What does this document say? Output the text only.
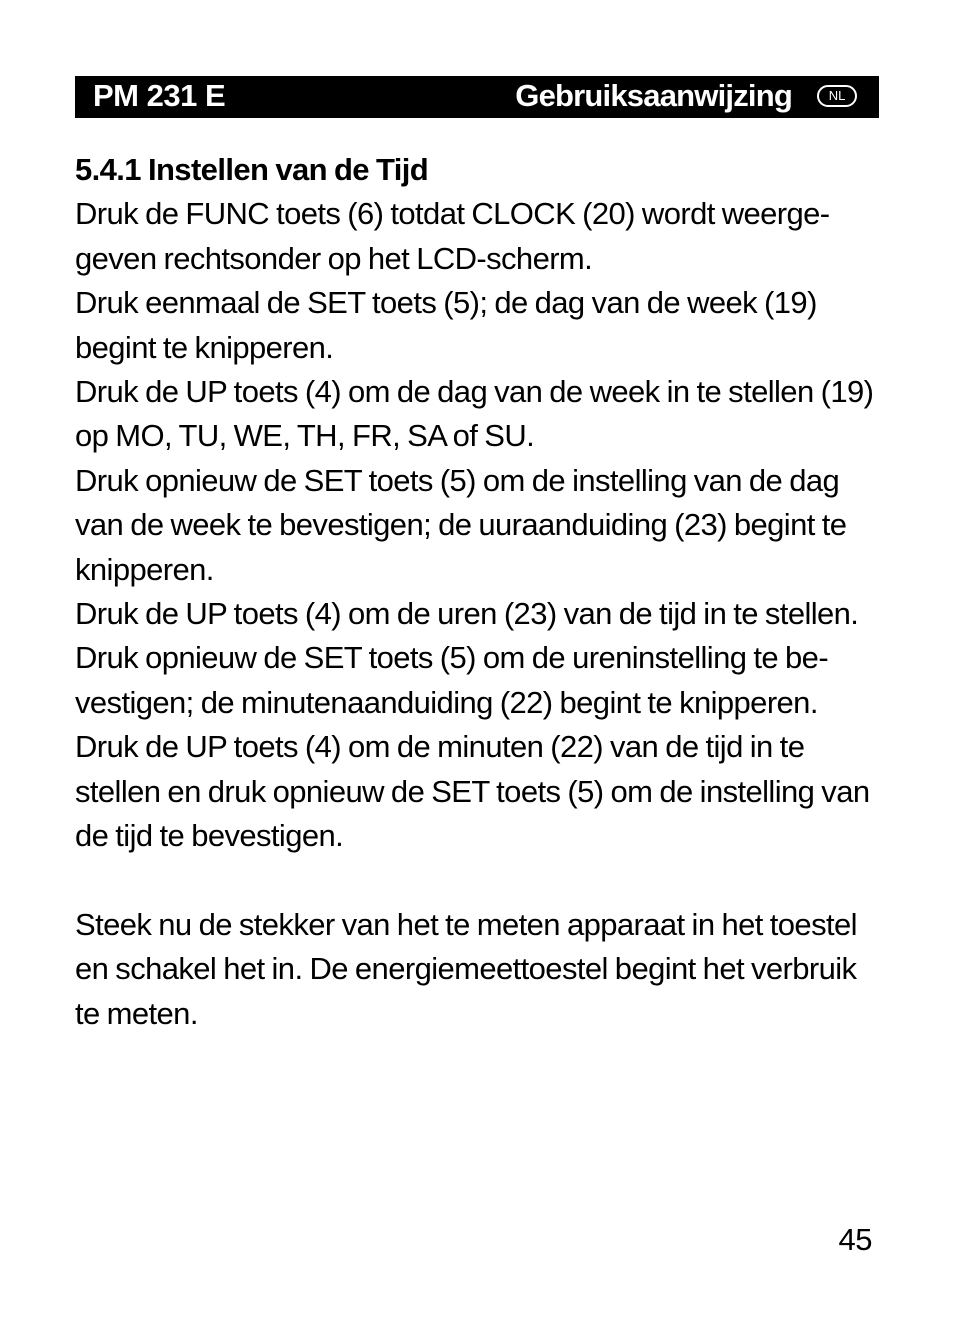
PM 231 E	Gebruiksaanwijzing	NL
5.4.1 Instellen van de Tijd

Druk de FUNC toets (6) totdat CLOCK (20) wordt weerge-geven rechtsonder op het LCD-scherm.

Druk eenmaal de SET toets (5); de dag van de week (19) begint te knipperen.

Druk de UP toets (4) om de dag van de week in te stellen (19) op MO, TU, WE, TH, FR, SA of SU.

Druk opnieuw de SET toets (5) om de instelling van de dag van de week te bevestigen; de uuraanduiding (23) begint te knipperen.

Druk de UP toets (4) om de uren (23) van de tijd in te stellen.

Druk opnieuw de SET toets (5) om de ureninstelling te be-vestigen; de minutenaanduiding (22) begint te knipperen.

Druk de UP toets (4) om de minuten (22) van de tijd in te stellen en druk opnieuw de SET toets (5) om de instelling van de tijd te bevestigen.

Steek nu de stekker van het te meten apparaat in het toestel en schakel het in. De energiemeettoestel begint het verbruik te meten.

45
